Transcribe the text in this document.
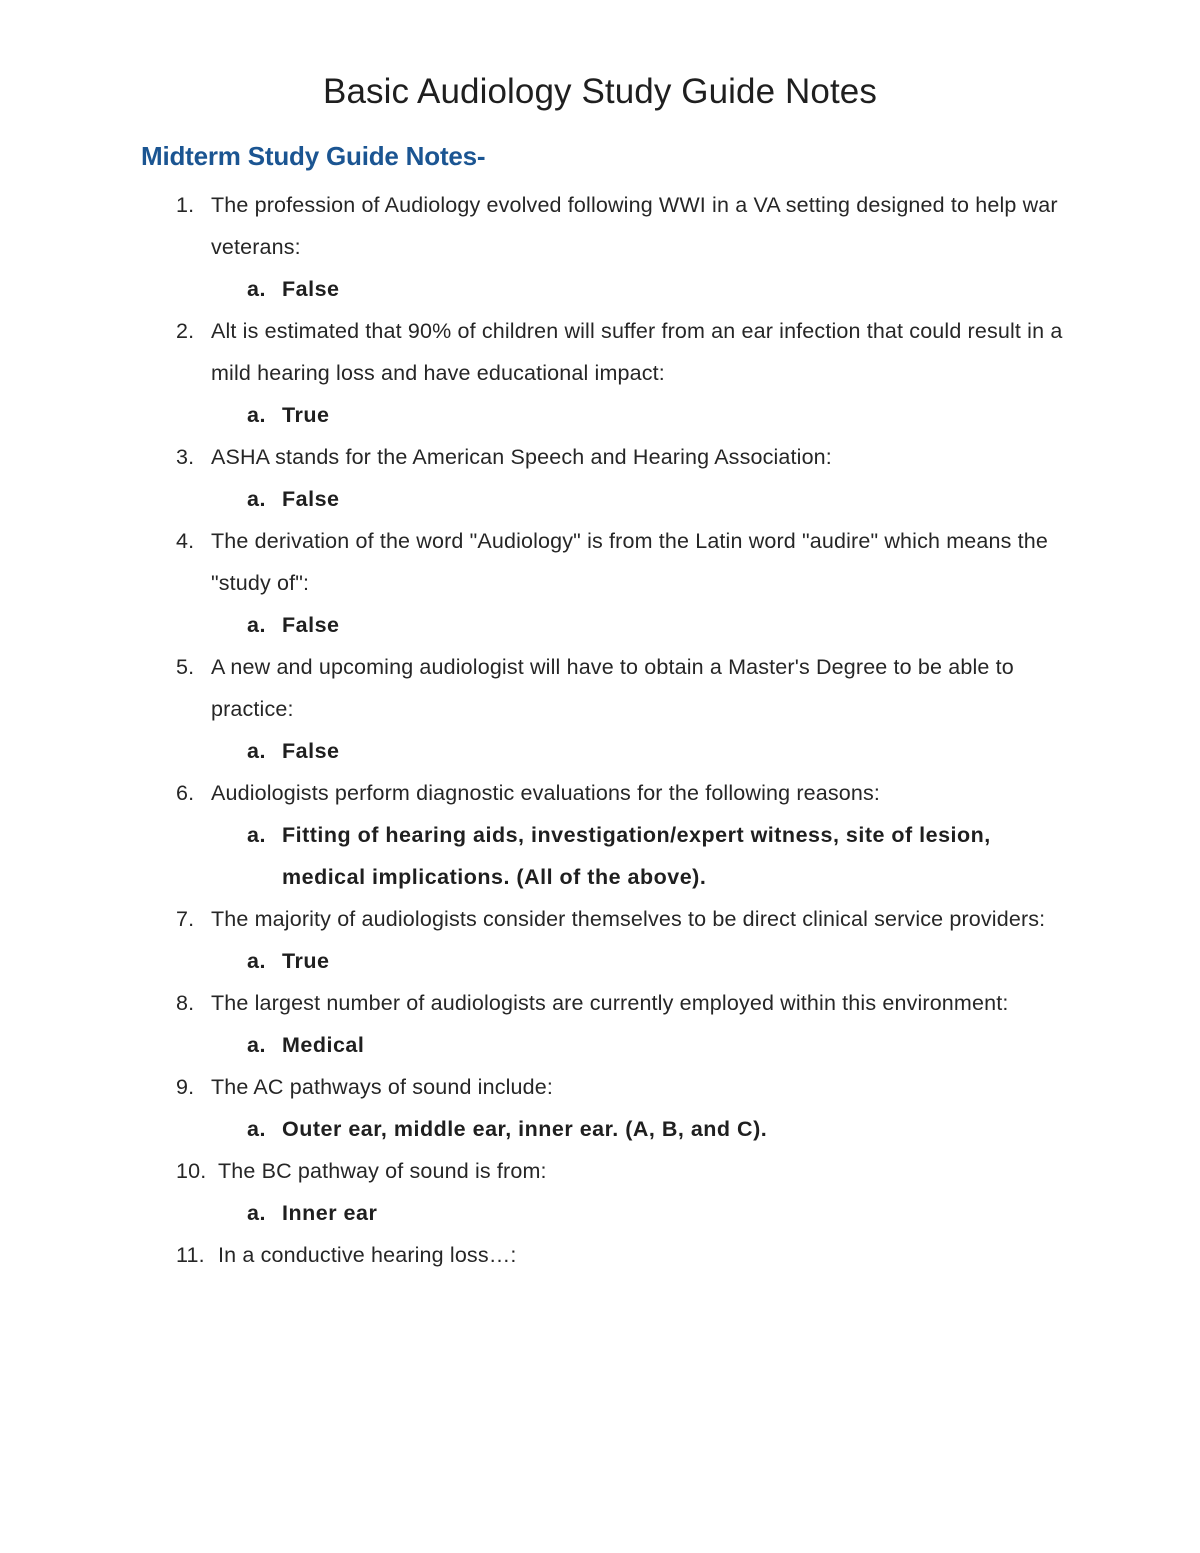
Basic Audiology Study Guide Notes
Midterm Study Guide Notes-
1. The profession of Audiology evolved following WWI in a VA setting designed to help war veterans:
a. False
2. Alt is estimated that 90% of children will suffer from an ear infection that could result in a mild hearing loss and have educational impact:
a. True
3. ASHA stands for the American Speech and Hearing Association:
a. False
4. The derivation of the word "Audiology" is from the Latin word "audire" which means the "study of":
a. False
5. A new and upcoming audiologist will have to obtain a Master's Degree to be able to practice:
a. False
6. Audiologists perform diagnostic evaluations for the following reasons:
a. Fitting of hearing aids, investigation/expert witness, site of lesion, medical implications. (All of the above).
7. The majority of audiologists consider themselves to be direct clinical service providers:
a. True
8. The largest number of audiologists are currently employed within this environment:
a. Medical
9. The AC pathways of sound include:
a. Outer ear, middle ear, inner ear. (A, B, and C).
10. The BC pathway of sound is from:
a. Inner ear
11. In a conductive hearing loss…:
